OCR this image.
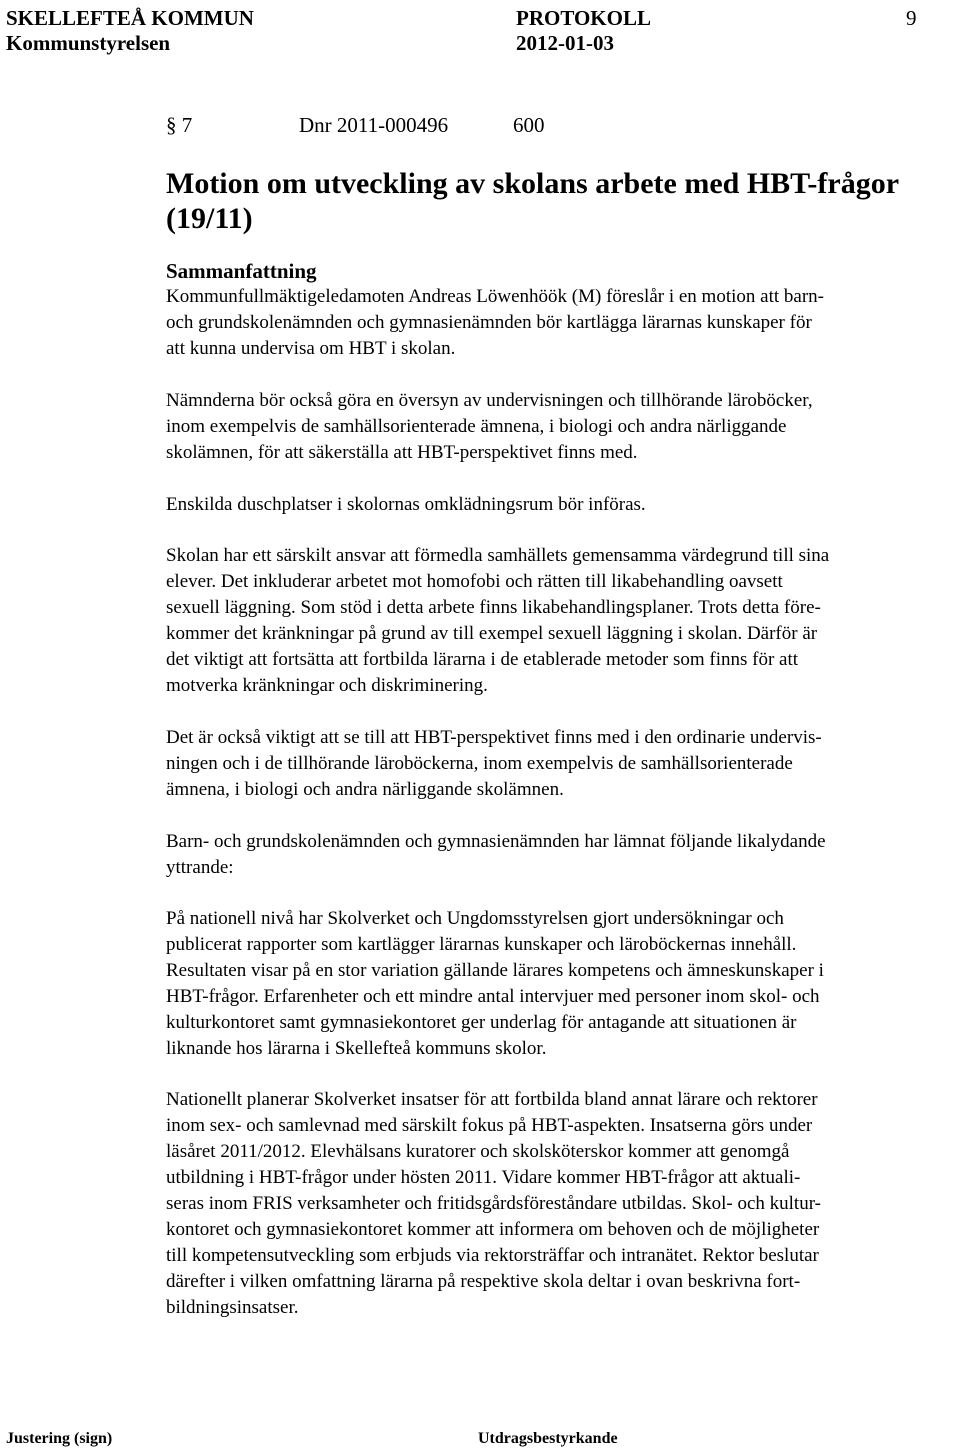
SKELLEFTEÅ KOMMUN	PROTOKOLL	9
Kommunstyrelsen	2012-01-03
§ 7	Dnr 2011-000496	600
Motion om utveckling av skolans arbete med HBT-frågor (19/11)
Sammanfattning
Kommunfullmäktigeledamoten Andreas Löwenhöök (M) föreslår i en motion att barn-
och grundskolenämnden och gymnasienämnden bör kartlägga lärarnas kunskaper för
att kunna undervisa om HBT i skolan.
Nämnderna bör också göra en översyn av undervisningen och tillhörande läroböcker,
inom exempelvis de samhällsorienterade ämnena, i biologi och andra närliggande
skolämnen, för att säkerställa att HBT-perspektivet finns med.
Enskilda duschplatser i skolornas omklädningsrum bör införas.
Skolan har ett särskilt ansvar att förmedla samhällets gemensamma värdegrund till sina
elever. Det inkluderar arbetet mot homofobi och rätten till likabehandling oavsett
sexuell läggning. Som stöd i detta arbete finns likabehandlingsplaner. Trots detta före-
kommer det kränkningar på grund av till exempel sexuell läggning i skolan. Därför är
det viktigt att fortsätta att fortbilda lärarna i de etablerade metoder som finns för att
motverka kränkningar och diskriminering.
Det är också viktigt att se till att HBT-perspektivet finns med i den ordinarie undervis-
ningen och i de tillhörande läroböckerna, inom exempelvis de samhällsorienterade
ämnena, i biologi och andra närliggande skolämnen.
Barn- och grundskolenämnden och gymnasienämnden har lämnat följande likalydande
yttrande:
På nationell nivå har Skolverket och Ungdomsstyrelsen gjort undersökningar och
publicerat rapporter som kartlägger lärarnas kunskaper och läroböckernas innehåll.
Resultaten visar på en stor variation gällande lärares kompetens och ämneskunskaper i
HBT-frågor. Erfarenheter och ett mindre antal intervjuer med personer inom skol- och
kulturkontoret samt gymnasiekontoret ger underlag för antagande att situationen är
liknande hos lärarna i Skellefteå kommuns skolor.
Nationellt planerar Skolverket insatser för att fortbilda bland annat lärare och rektorer
inom sex- och samlevnad med särskilt fokus på HBT-aspekten. Insatserna görs under
läsåret 2011/2012. Elevhälsans kuratorer och skolsköterskor kommer att genomgå
utbildning i HBT-frågor under hösten 2011. Vidare kommer HBT-frågor att aktuali-
seras inom FRIS verksamheter och fritidsgårdsföreståndare utbildas. Skol- och kultur-
kontoret och gymnasiekontoret kommer att informera om behoven och de möjligheter
till kompetensutveckling som erbjuds via rektorsträffar och intranätet. Rektor beslutar
därefter i vilken omfattning lärarna på respektive skola deltar i ovan beskrivna fort-
bildningsinsatser.
Justering (sign)	Utdragsbestyrkande
